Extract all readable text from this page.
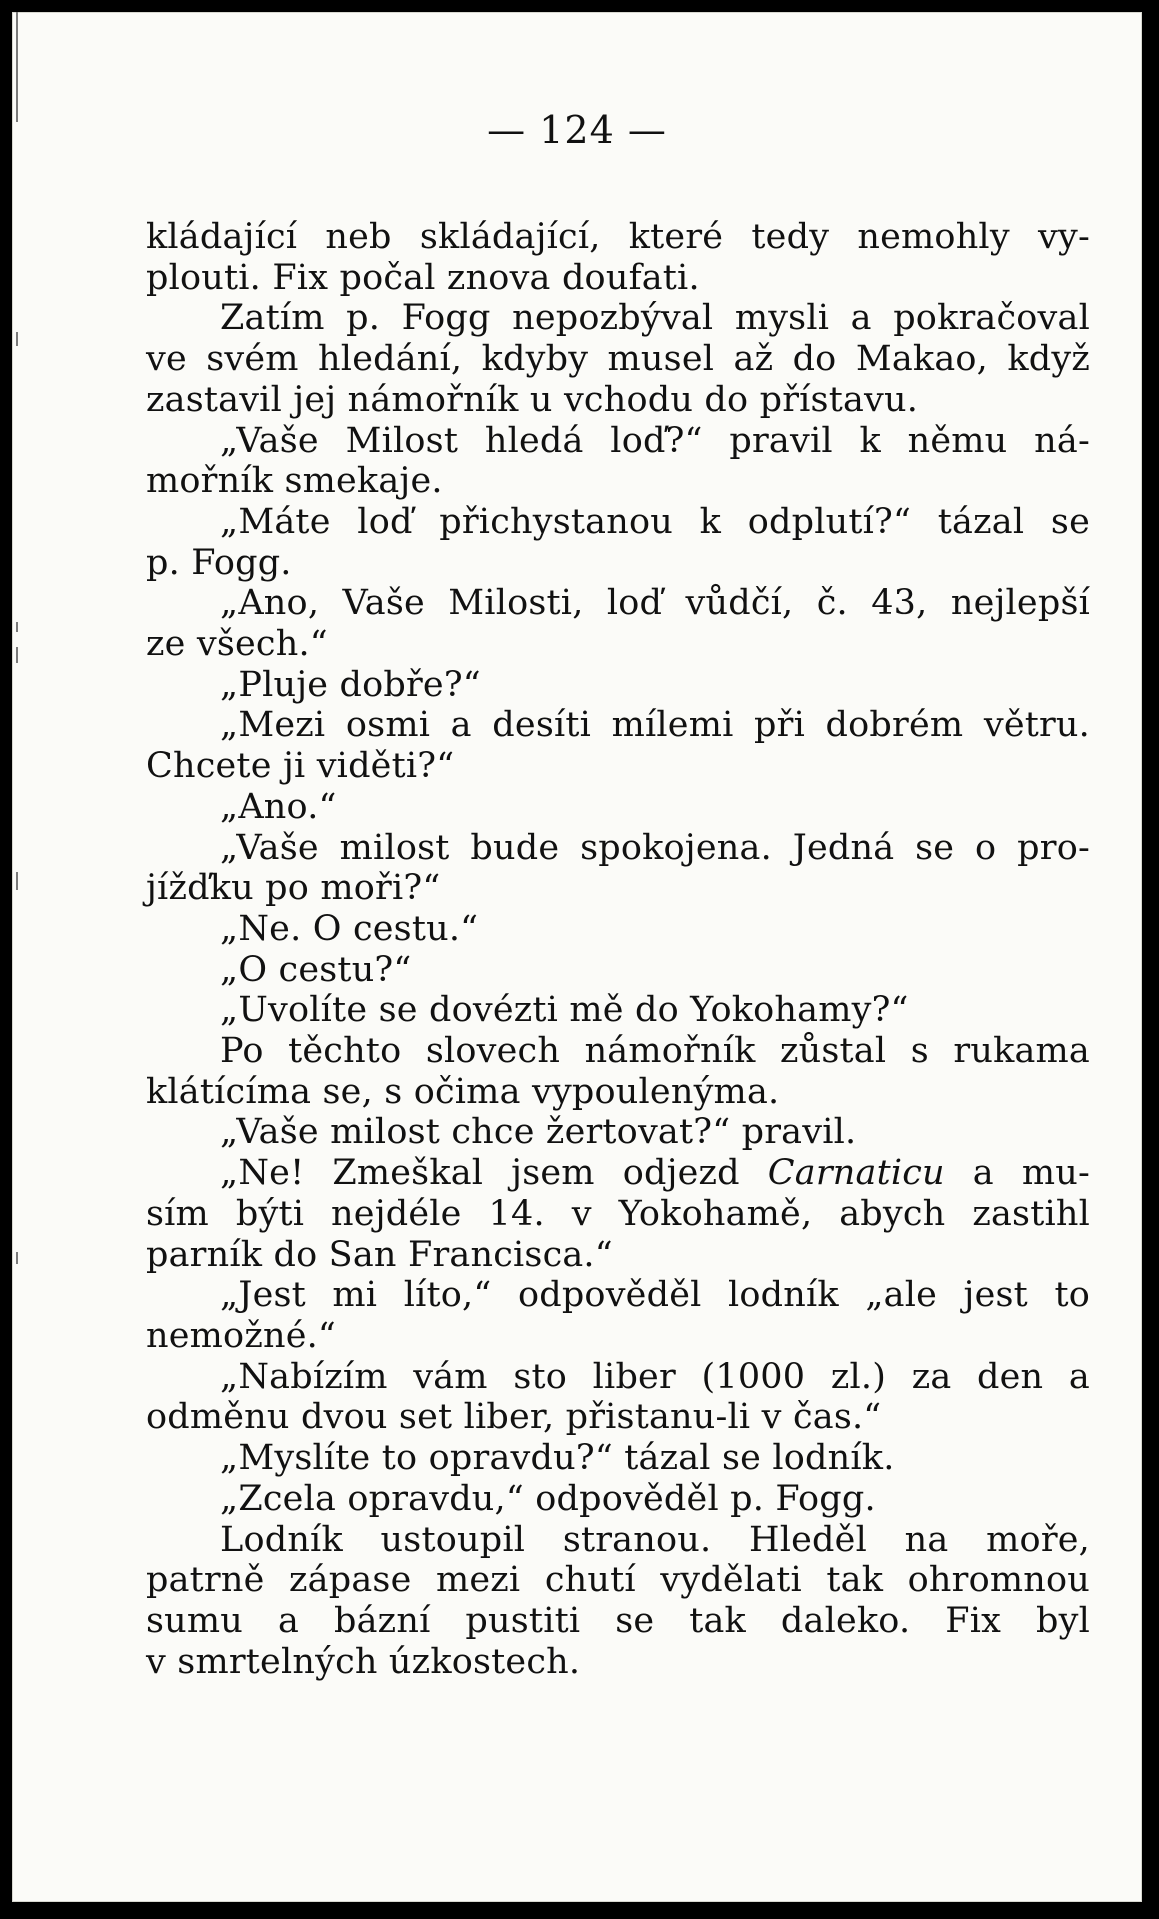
— 124 —
kládající neb skládající, které tedy nemohly vy-
plouti. Fix počal znova doufati.
Zatím p. Fogg nepozbýval mysli a pokračoval
ve svém hledání, kdyby musel až do Makao, když
zastavil jej námořník u vchodu do přístavu.
„Vaše Milost hledá loď?“ pravil k němu ná-
mořník smekaje.
„Máte loď přichystanou k odplutí?“ tázal se
p. Fogg.
„Ano, Vaše Milosti, loď vůdčí, č. 43, nejlepší
ze všech.“
„Pluje dobře?“
„Mezi osmi a desíti mílemi při dobrém větru.
Chcete ji viděti?“
„Ano.“
„Vaše milost bude spokojena. Jedná se o pro-
jížďku po moři?“
„Ne. O cestu.“
„O cestu?“
„Uvolíte se dovézti mě do Yokohamy?“
Po těchto slovech námořník zůstal s rukama
klátícíma se, s očima vypoulenýma.
„Vaše milost chce žertovat?“ pravil.
„Ne! Zmeškal jsem odjezd Carnaticu a mu-
sím býti nejdéle 14. v Yokohamě, abych zastihl
parník do San Francisca.“
„Jest mi líto,“ odpověděl lodník „ale jest to
nemožné.“
„Nabízím vám sto liber (1000 zl.) za den a
odměnu dvou set liber, přistanu-li v čas.“
„Myslíte to opravdu?“ tázal se lodník.
„Zcela opravdu,“ odpověděl p. Fogg.
Lodník ustoupil stranou. Hleděl na moře,
patrně zápase mezi chutí vydělati tak ohromnou
sumu a bázní pustiti se tak daleko. Fix byl
v smrtelných úzkostech.
